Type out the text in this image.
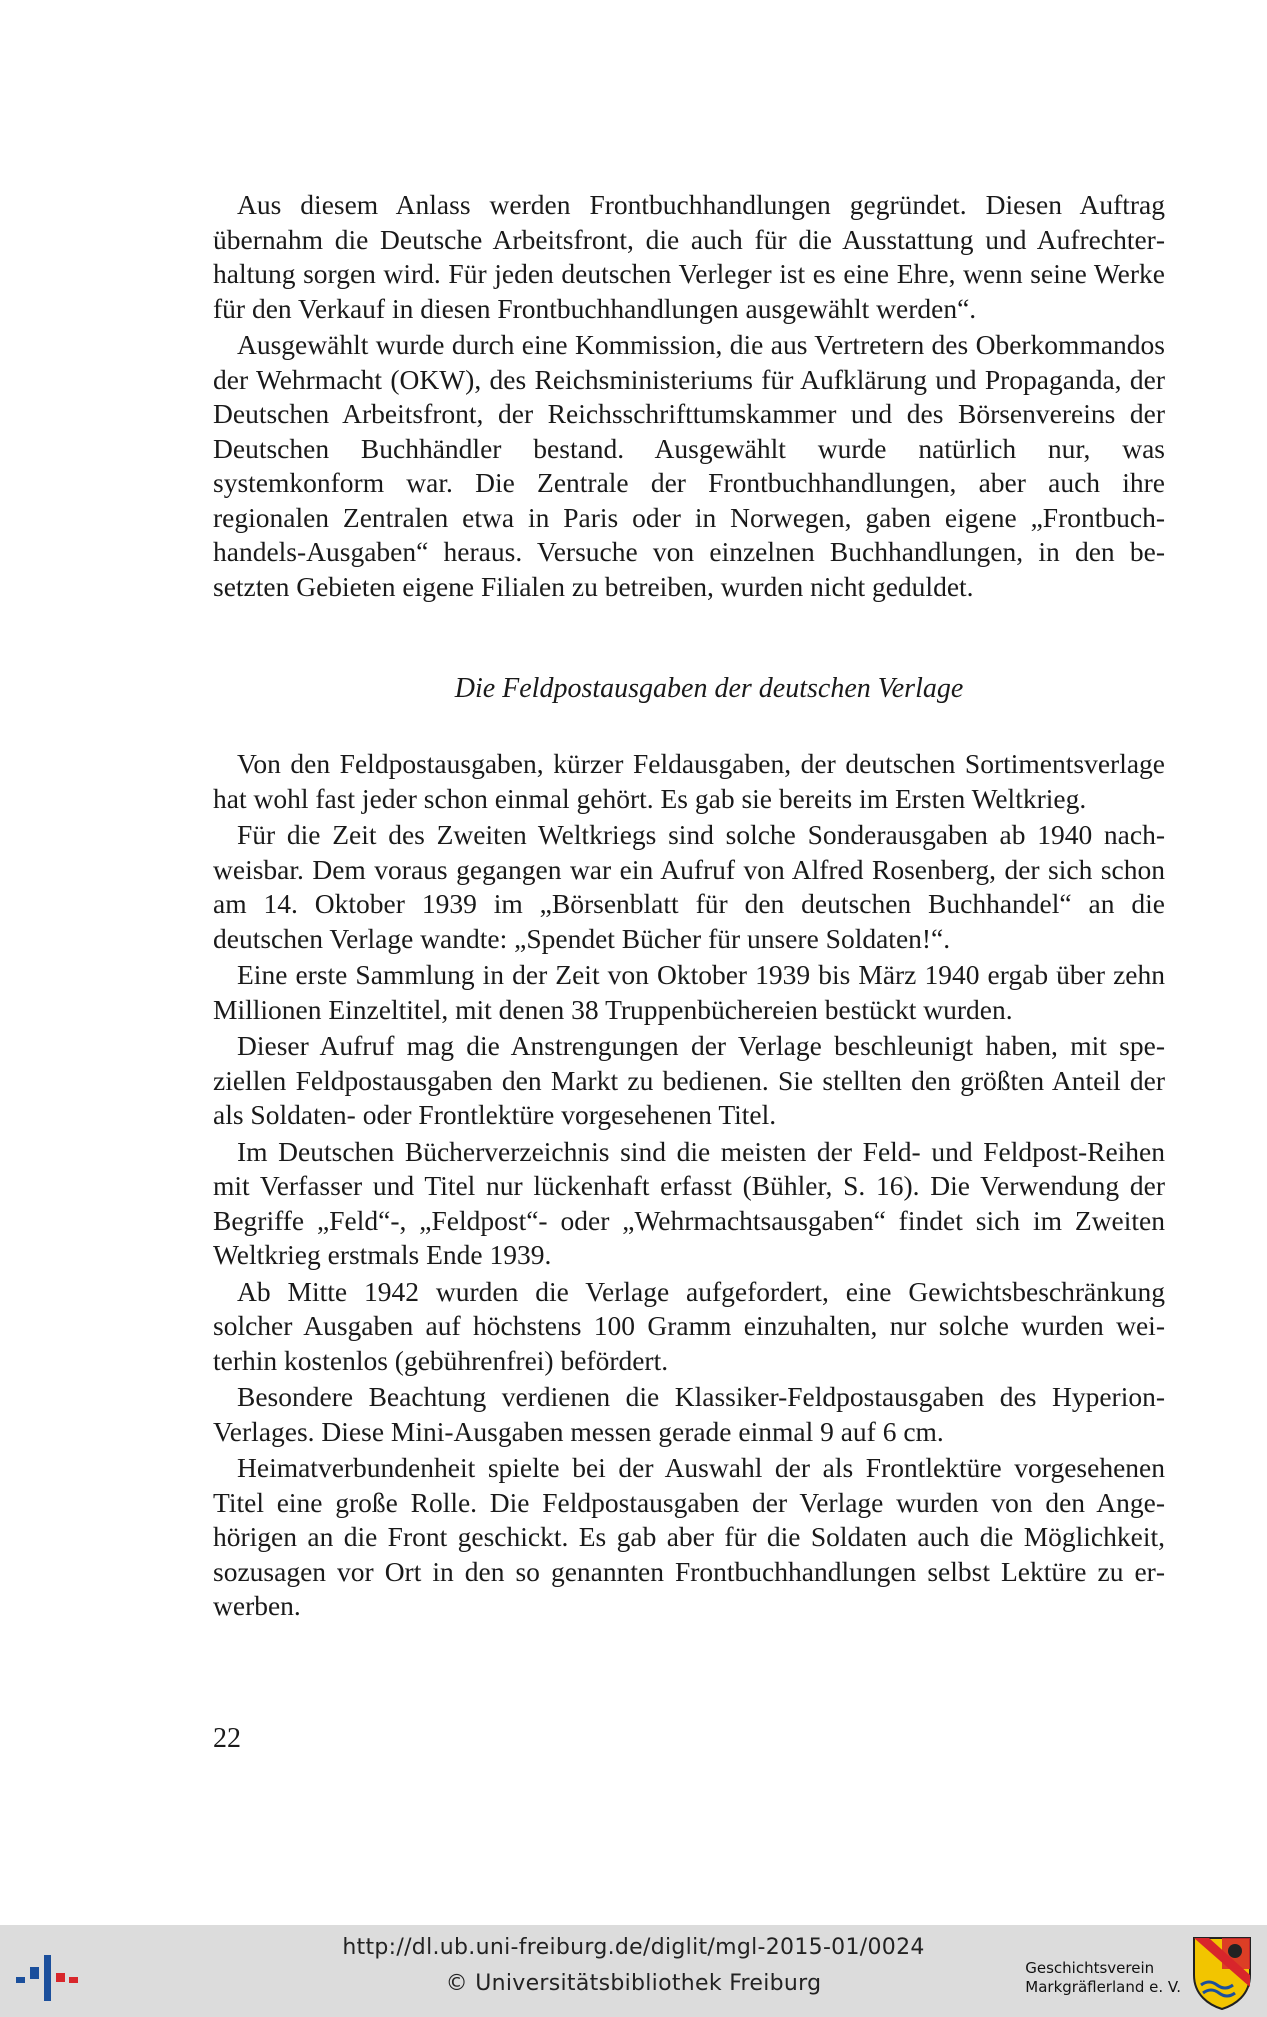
Aus diesem Anlass werden Frontbuchhandlungen gegründet. Diesen Auftrag übernahm die Deutsche Arbeitsfront, die auch für die Ausstattung und Aufrechterhaltung sorgen wird. Für jeden deutschen Verleger ist es eine Ehre, wenn seine Werke für den Verkauf in diesen Frontbuchhandlungen ausgewählt werden“.

Ausgewählt wurde durch eine Kommission, die aus Vertretern des Oberkommandos der Wehrmacht (OKW), des Reichsministeriums für Aufklärung und Propaganda, der Deutschen Arbeitsfront, der Reichsschrifttumskammer und des Börsenvereins der Deutschen Buchhändler bestand. Ausgewählt wurde natürlich nur, was systemkonform war. Die Zentrale der Frontbuchhandlungen, aber auch ihre regionalen Zentralen etwa in Paris oder in Norwegen, gaben eigene „Frontbuchhandels-Ausgaben“ heraus. Versuche von einzelnen Buchhandlungen, in den besetzten Gebieten eigene Filialen zu betreiben, wurden nicht geduldet.

Die Feldpostausgaben der deutschen Verlage

Von den Feldpostausgaben, kürzer Feldausgaben, der deutschen Sortimentsverlage hat wohl fast jeder schon einmal gehört. Es gab sie bereits im Ersten Weltkrieg.

Für die Zeit des Zweiten Weltkriegs sind solche Sonderausgaben ab 1940 nachweisbar. Dem voraus gegangen war ein Aufruf von Alfred Rosenberg, der sich schon am 14. Oktober 1939 im „Börsenblatt für den deutschen Buchhandel“ an die deutschen Verlage wandte: „Spendet Bücher für unsere Soldaten!“.

Eine erste Sammlung in der Zeit von Oktober 1939 bis März 1940 ergab über zehn Millionen Einzeltitel, mit denen 38 Truppenbüchereien bestückt wurden.

Dieser Aufruf mag die Anstrengungen der Verlage beschleunigt haben, mit speziellen Feldpostausgaben den Markt zu bedienen. Sie stellten den größten Anteil der als Soldaten- oder Frontlektüre vorgesehenen Titel.

Im Deutschen Bücherverzeichnis sind die meisten der Feld- und Feldpost-Reihen mit Verfasser und Titel nur lückenhaft erfasst (Bühler, S. 16). Die Verwendung der Begriffe „Feld“-, „Feldpost“- oder „Wehrmachtsausgaben“ findet sich im Zweiten Weltkrieg erstmals Ende 1939.

Ab Mitte 1942 wurden die Verlage aufgefordert, eine Gewichtsbeschränkung solcher Ausgaben auf höchstens 100 Gramm einzuhalten, nur solche wurden weiterhin kostenlos (gebührenfrei) befördert.

Besondere Beachtung verdienen die Klassiker-Feldpostausgaben des Hyperion-Verlages. Diese Mini-Ausgaben messen gerade einmal 9 auf 6 cm.

Heimatverbundenheit spielte bei der Auswahl der als Frontlektüre vorgesehenen Titel eine große Rolle. Die Feldpostausgaben der Verlage wurden von den Angehörigen an die Front geschickt. Es gab aber für die Soldaten auch die Möglichkeit, sozusagen vor Ort in den so genannten Frontbuchhandlungen selbst Lektüre zu erwerben.

22
http://dl.ub.uni-freiburg.de/diglit/mgl-2015-01/0024
© Universitätsbibliothek Freiburg
Geschichtsverein
Markgräflerland e. V.
